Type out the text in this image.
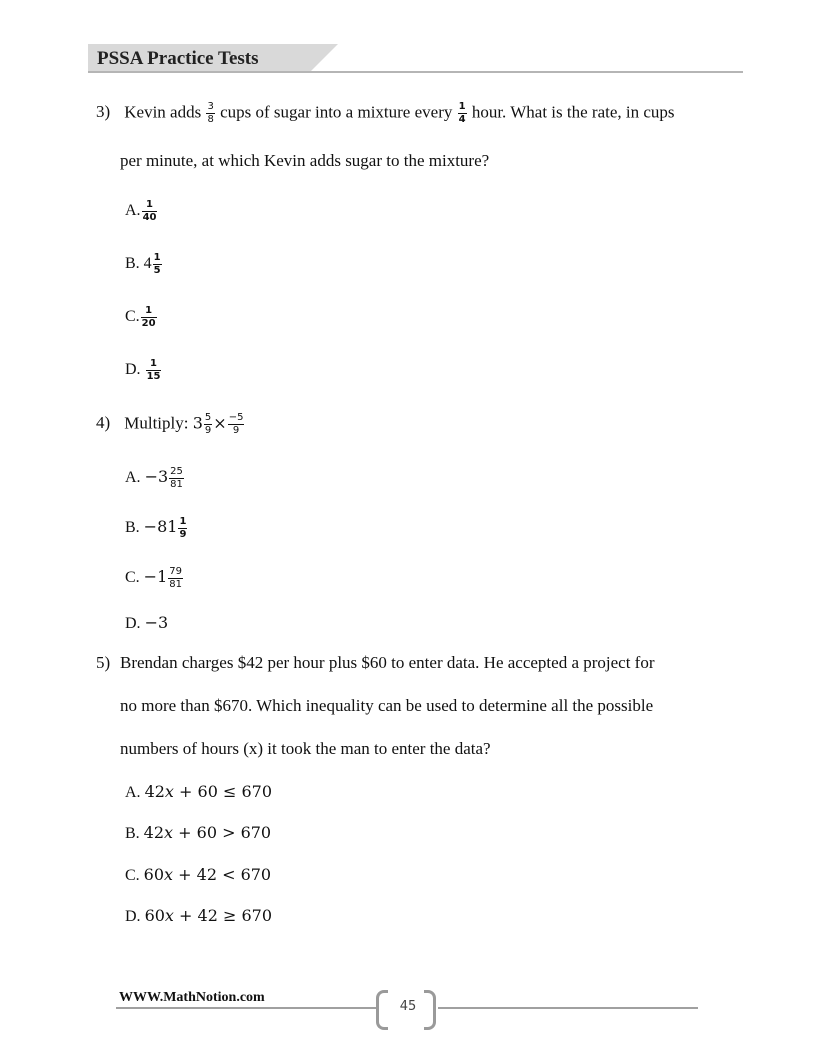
PSSA Practice Tests
3) Kevin adds $\frac{3}{8}$ cups of sugar into a mixture every $\frac{1}{4}$ hour. What is the rate, in cups
per minute, at which Kevin adds sugar to the mixture?
A. $\frac{1}{40}$
B. $4 \frac{1}{5}$
C. $\frac{1}{20}$
D. $\frac{1}{15}$
4) Multiply: $3 \frac{5}{9} \times \frac{-5}{9}$
A. $-3 \frac{25}{81}$
B. $-81 \frac{1}{9}$
C. $-1 \frac{79}{81}$
D. −3
5) Brendan charges $42 per hour plus $60 to enter data. He accepted a project for
no more than $670. Which inequality can be used to determine all the possible
numbers of hours (x) it took the man to enter the data?
A. 42𝑥 + 60 ≤ 670
B. 42𝑥 + 60 > 670
C. 60𝑥 + 42 < 670
D. 60𝑥 + 42 ≥ 670
WWW.MathNotion.com
45
